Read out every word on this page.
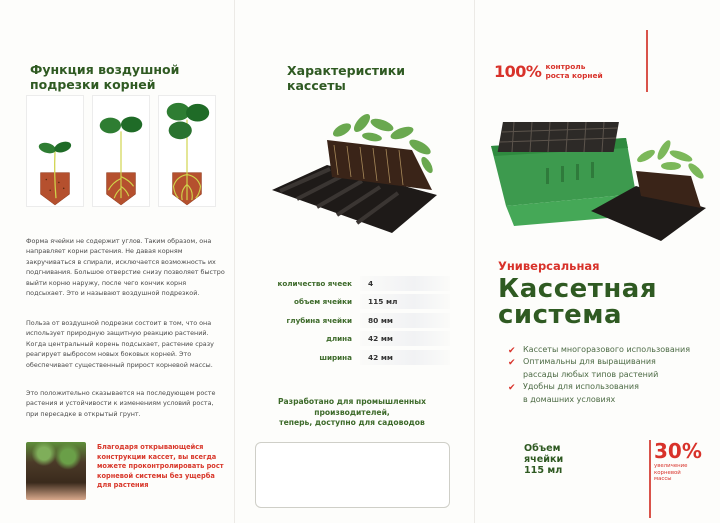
Функция воздушной
подрезки корней

Форма ячейки не содержит углов. Таким образом, она направляет корни растения. Не давая корням закручиваться в спирали, исключается возможность их подгнивания. Большое отверстие снизу позволяет быстро выйти корню наружу, после чего кончик корня подсыхает. Это и называют воздушной подрезкой.

Польза от воздушной подрезки состоит в том, что она использует природную защитную реакцию растений. Когда центральный корень подсыхает, растение сразу реагирует выбросом новых боковых корней. Это обеспечивает существенный прирост корневой массы.

Это положительно сказывается на последующем росте растения и устойчивости к изменениям условий роста, при пересадке в открытый грунт.

Благодаря открывающейся конструкции кассет, вы всегда можете проконтролировать рост корневой системы без ущерба для растения

Характеристики
кассеты
количество ячеек	4
объем ячейки	115 мл
глубина ячейки	80 мм
длина	42 мм
ширина	42 мм
Разработано для промышленных
производителей,
теперь, доступно для садоводов
100% контроль
роста корней
Универсальная
Кассетная
система
✔ Кассеты многоразового использования
✔ Оптимальны для выращивания
рассады любых типов растений
✔ Удобны для использования
в домашних условиях
Объем
ячейки
115 мл
30%
увеличение
корневой
массы
